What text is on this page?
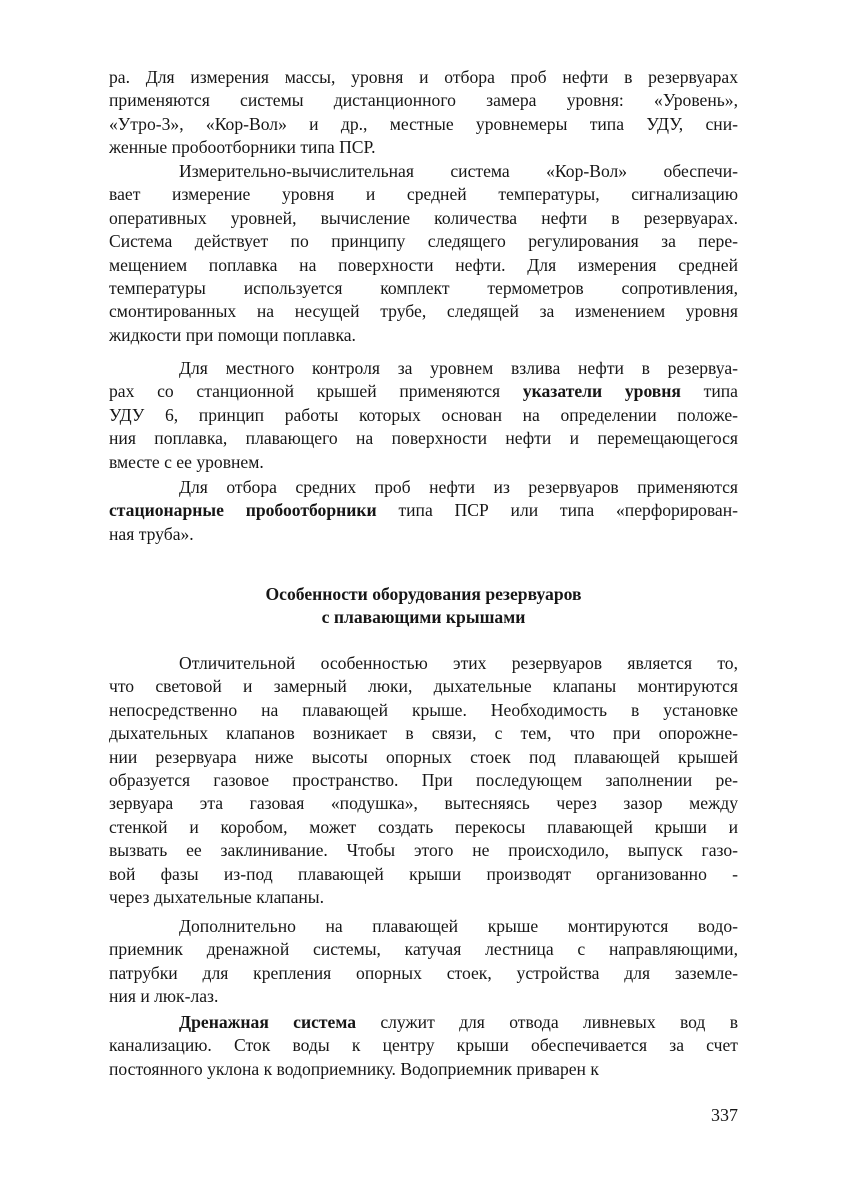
ра. Для измерения массы, уровня и отбора проб нефти в резервуарах
применяются системы дистанционного замера уровня: «Уровень»,
«Утро-3», «Кор-Вол» и др., местные уровнемеры типа УДУ, сни-
женные пробоотборники типа ПСР.
Измерительно-вычислительная система «Кор-Вол» обеспечи-
вает измерение уровня и средней температуры, сигнализацию
оперативных уровней, вычисление количества нефти в резервуарах.
Система действует по принципу следящего регулирования за пере-
мещением поплавка на поверхности нефти. Для измерения средней
температуры используется комплект термометров сопротивления,
смонтированных на несущей трубе, следящей за изменением уровня
жидкости при помощи поплавка.
Для местного контроля за уровнем взлива нефти в резервуа-
рах со станционной крышей применяются указатели уровня типа
УДУ 6, принцип работы которых основан на определении положе-
ния поплавка, плавающего на поверхности нефти и перемещающегося
вместе с ее уровнем.
Для отбора средних проб нефти из резервуаров применяются
стационарные пробоотборники типа ПСР или типа «перфорирован-
ная труба».
Особенности оборудования резервуаров
с плавающими крышами
Отличительной особенностью этих резервуаров является то,
что световой и замерный люки, дыхательные клапаны монтируются
непосредственно на плавающей крыше. Необходимость в установке
дыхательных клапанов возникает в связи, с тем, что при опорожне-
нии резервуара ниже высоты опорных стоек под плавающей крышей
образуется газовое пространство. При последующем заполнении ре-
зервуара эта газовая «подушка», вытесняясь через зазор между
стенкой и коробом, может создать перекосы плавающей крыши и
вызвать ее заклинивание. Чтобы этого не происходило, выпуск газо-
вой фазы из-под плавающей крыши производят организованно -
через дыхательные клапаны.
Дополнительно на плавающей крыше монтируются водо-
приемник дренажной системы, катучая лестница с направляющими,
патрубки для крепления опорных стоек, устройства для заземле-
ния и люк-лаз.
Дренажная система служит для отвода ливневых вод в
канализацию. Сток воды к центру крыши обеспечивается за счет
постоянного уклона к водоприемнику. Водоприемник приварен к
337
